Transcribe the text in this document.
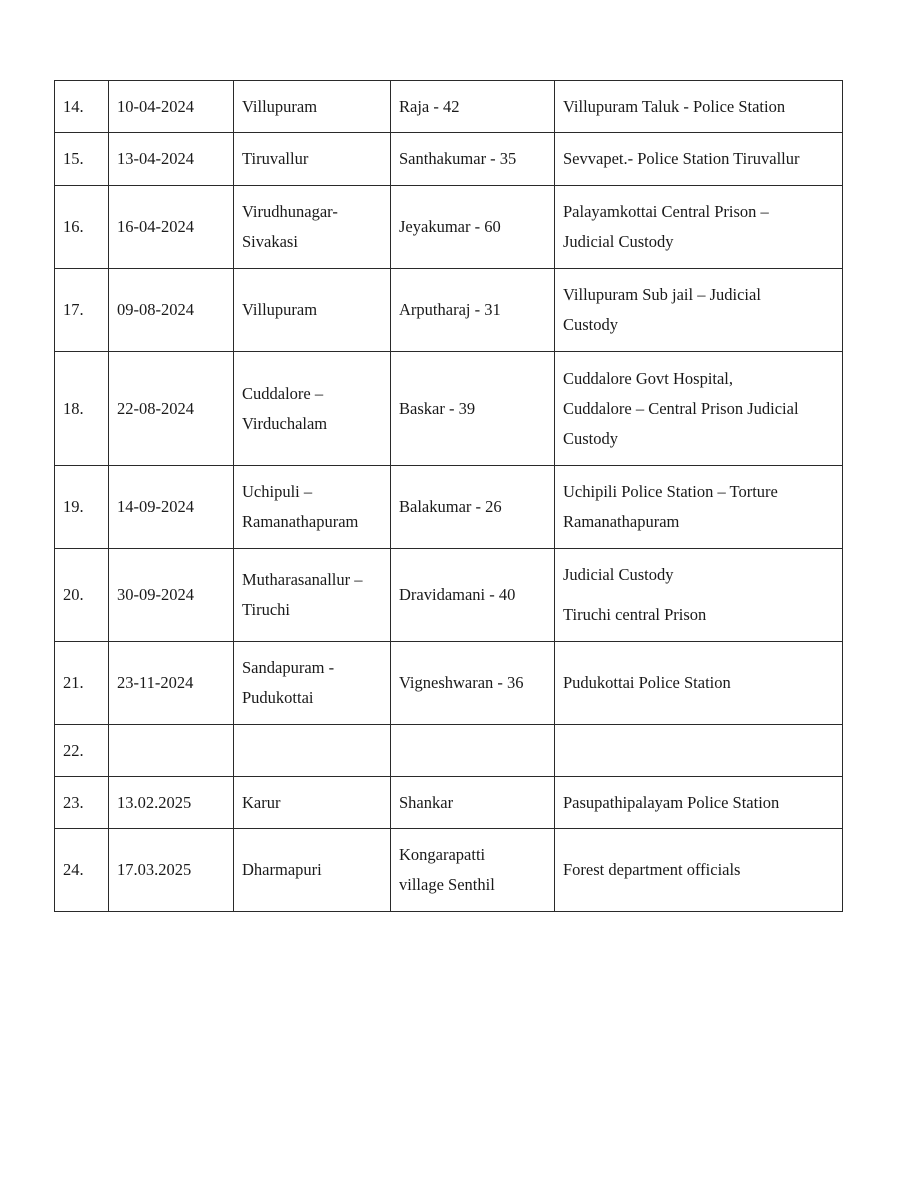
14.	10-04-2024	Villupuram	Raja - 42	Villupuram Taluk - Police Station

15.	13-04-2024	Tiruvallur	Santhakumar - 35	Sevvapet.- Police Station Tiruvallur

16.	16-04-2024	Virudhunagar-
Sivakasi	Jeyakumar - 60	Palayamkottai Central Prison –
Judicial Custody

17.	09-08-2024	Villupuram	Arputharaj - 31	Villupuram Sub jail – Judicial
Custody

18.	22-08-2024	Cuddalore –
Virduchalam	Baskar - 39	Cuddalore Govt Hospital,
Cuddalore – Central Prison Judicial
Custody

19.	14-09-2024	Uchipuli –
Ramanathapuram	Balakumar - 26	Uchipili Police Station – Torture
Ramanathapuram

20.	30-09-2024	Mutharasanallur –
Tiruchi	Dravidamani - 40	Judicial Custody
Tiruchi central Prison

21.	23-11-2024	Sandapuram -
Pudukottai	Vigneshwaran - 36	Pudukottai Police Station

22.		

23.	13.02.2025	Karur	Shankar	Pasupathipalayam Police Station

24.	17.03.2025	Dharmapuri	Kongarapatti
village Senthil	Forest department officials
